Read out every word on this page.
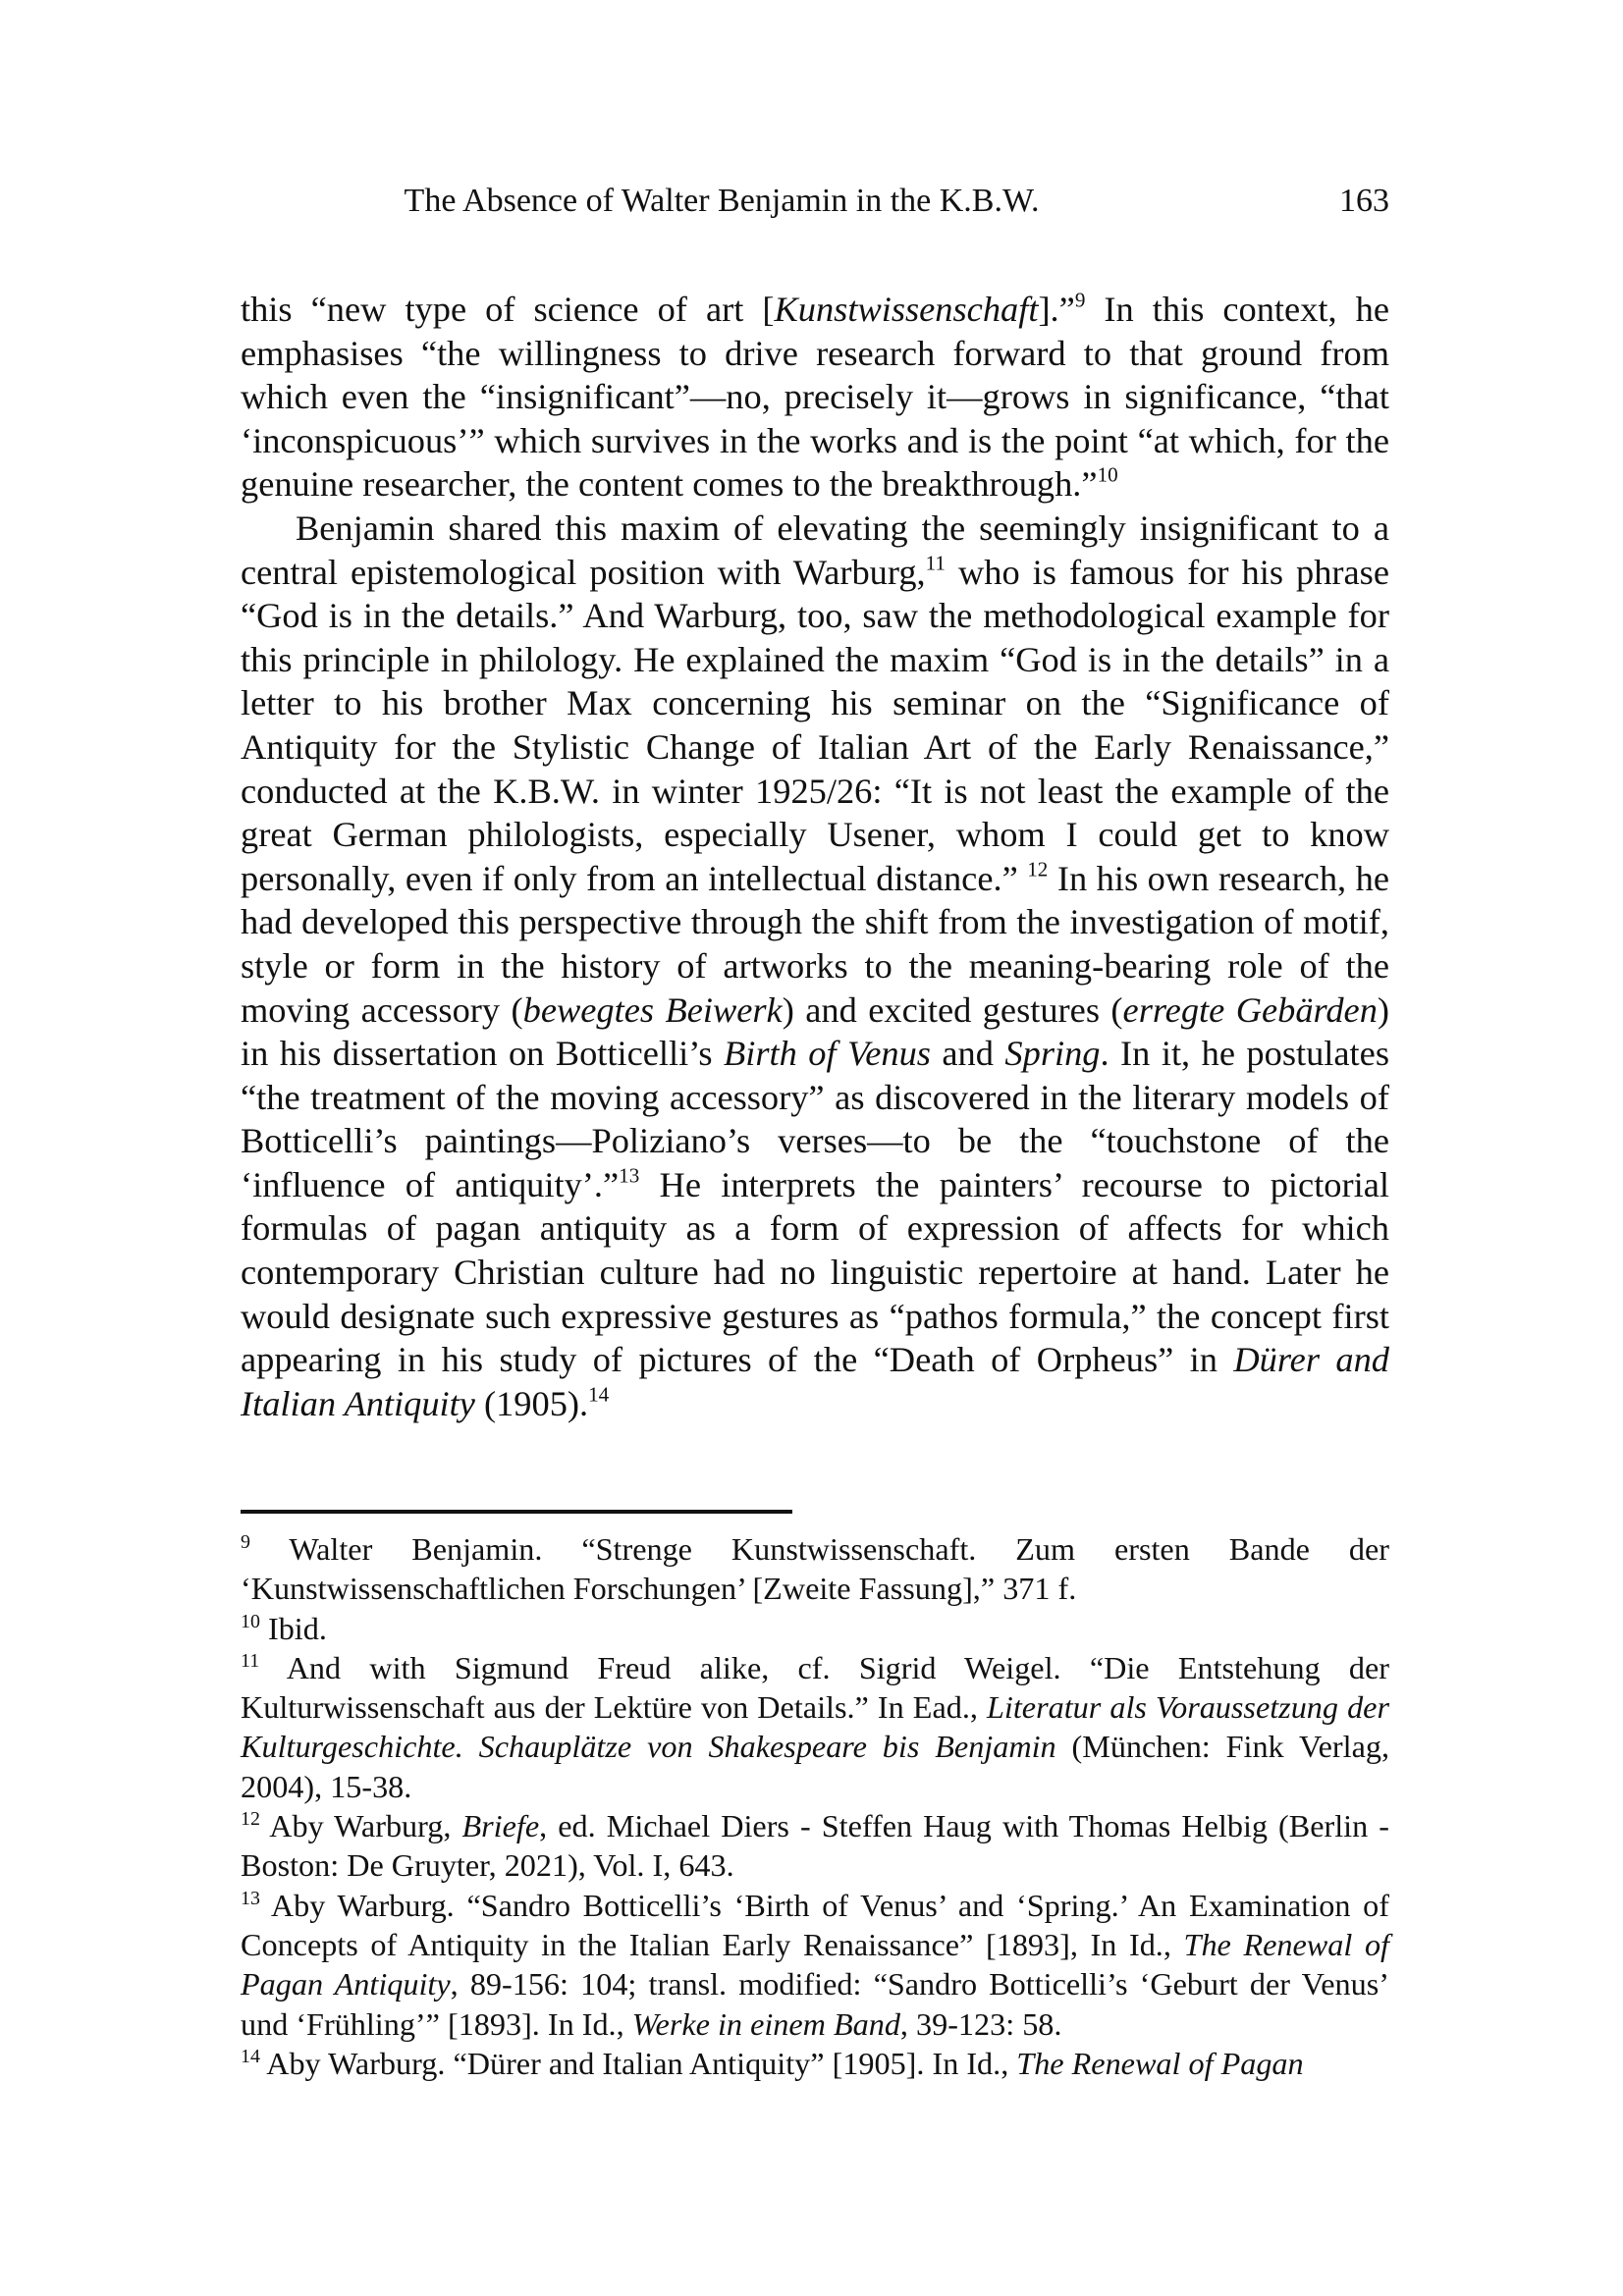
The Absence of Walter Benjamin in the K.B.W.	163

this “new type of science of art [Kunstwissenschaft].”$^9$ In this context, he emphasises “the willingness to drive research forward to that ground from which even the “insignificant”—no, precisely it—grows in significance, “that ‘inconspicuous’” which survives in the works and is the point “at which, for the genuine researcher, the content comes to the breakthrough.”$^{10}$

Benjamin shared this maxim of elevating the seemingly insignificant to a central epistemological position with Warburg,$^{11}$ who is famous for his phrase “God is in the details.” And Warburg, too, saw the methodological example for this principle in philology. He explained the maxim “God is in the details” in a letter to his brother Max concerning his seminar on the “Significance of Antiquity for the Stylistic Change of Italian Art of the Early Renaissance,” conducted at the K.B.W. in winter 1925/26: “It is not least the example of the great German philologists, especially Usener, whom I could get to know personally, even if only from an intellectual distance.” $^{12}$ In his own research, he had developed this perspective through the shift from the investigation of motif, style or form in the history of artworks to the meaning-bearing role of the moving accessory (bewegtes Beiwerk) and excited gestures (erregte Gebärden) in his dissertation on Botticelli’s Birth of Venus and Spring. In it, he postulates “the treatment of the moving accessory” as discovered in the literary models of Botticelli’s paintings—Poliziano’s verses—to be the “touchstone of the ‘influence of antiquity’.”$^{13}$ He interprets the painters’ recourse to pictorial formulas of pagan antiquity as a form of expression of affects for which contemporary Christian culture had no linguistic repertoire at hand. Later he would designate such expressive gestures as “pathos formula,” the concept first appearing in his study of pictures of the “Death of Orpheus” in Dürer and Italian Antiquity (1905).$^{14}$

$^9$ Walter Benjamin. “Strenge Kunstwissenschaft. Zum ersten Bande der ‘Kunstwissenschaftlichen Forschungen’ [Zweite Fassung],” 371 f.

$^{10}$ Ibid.

$^{11}$ And with Sigmund Freud alike, cf. Sigrid Weigel. “Die Entstehung der Kulturwissenschaft aus der Lektüre von Details.” In Ead., Literatur als Voraussetzung der Kulturgeschichte. Schauplätze von Shakespeare bis Benjamin (München: Fink Verlag, 2004), 15-38.

$^{12}$ Aby Warburg, Briefe, ed. Michael Diers - Steffen Haug with Thomas Helbig (Berlin - Boston: De Gruyter, 2021), Vol. I, 643.

$^{13}$ Aby Warburg. “Sandro Botticelli’s ‘Birth of Venus’ and ‘Spring.’ An Examination of Concepts of Antiquity in the Italian Early Renaissance” [1893], In Id., The Renewal of Pagan Antiquity, 89-156: 104; transl. modified: “Sandro Botticelli’s ‘Geburt der Venus’ und ‘Frühling’” [1893]. In Id., Werke in einem Band, 39-123: 58.

$^{14}$ Aby Warburg. “Dürer and Italian Antiquity” [1905]. In Id., The Renewal of Pagan
